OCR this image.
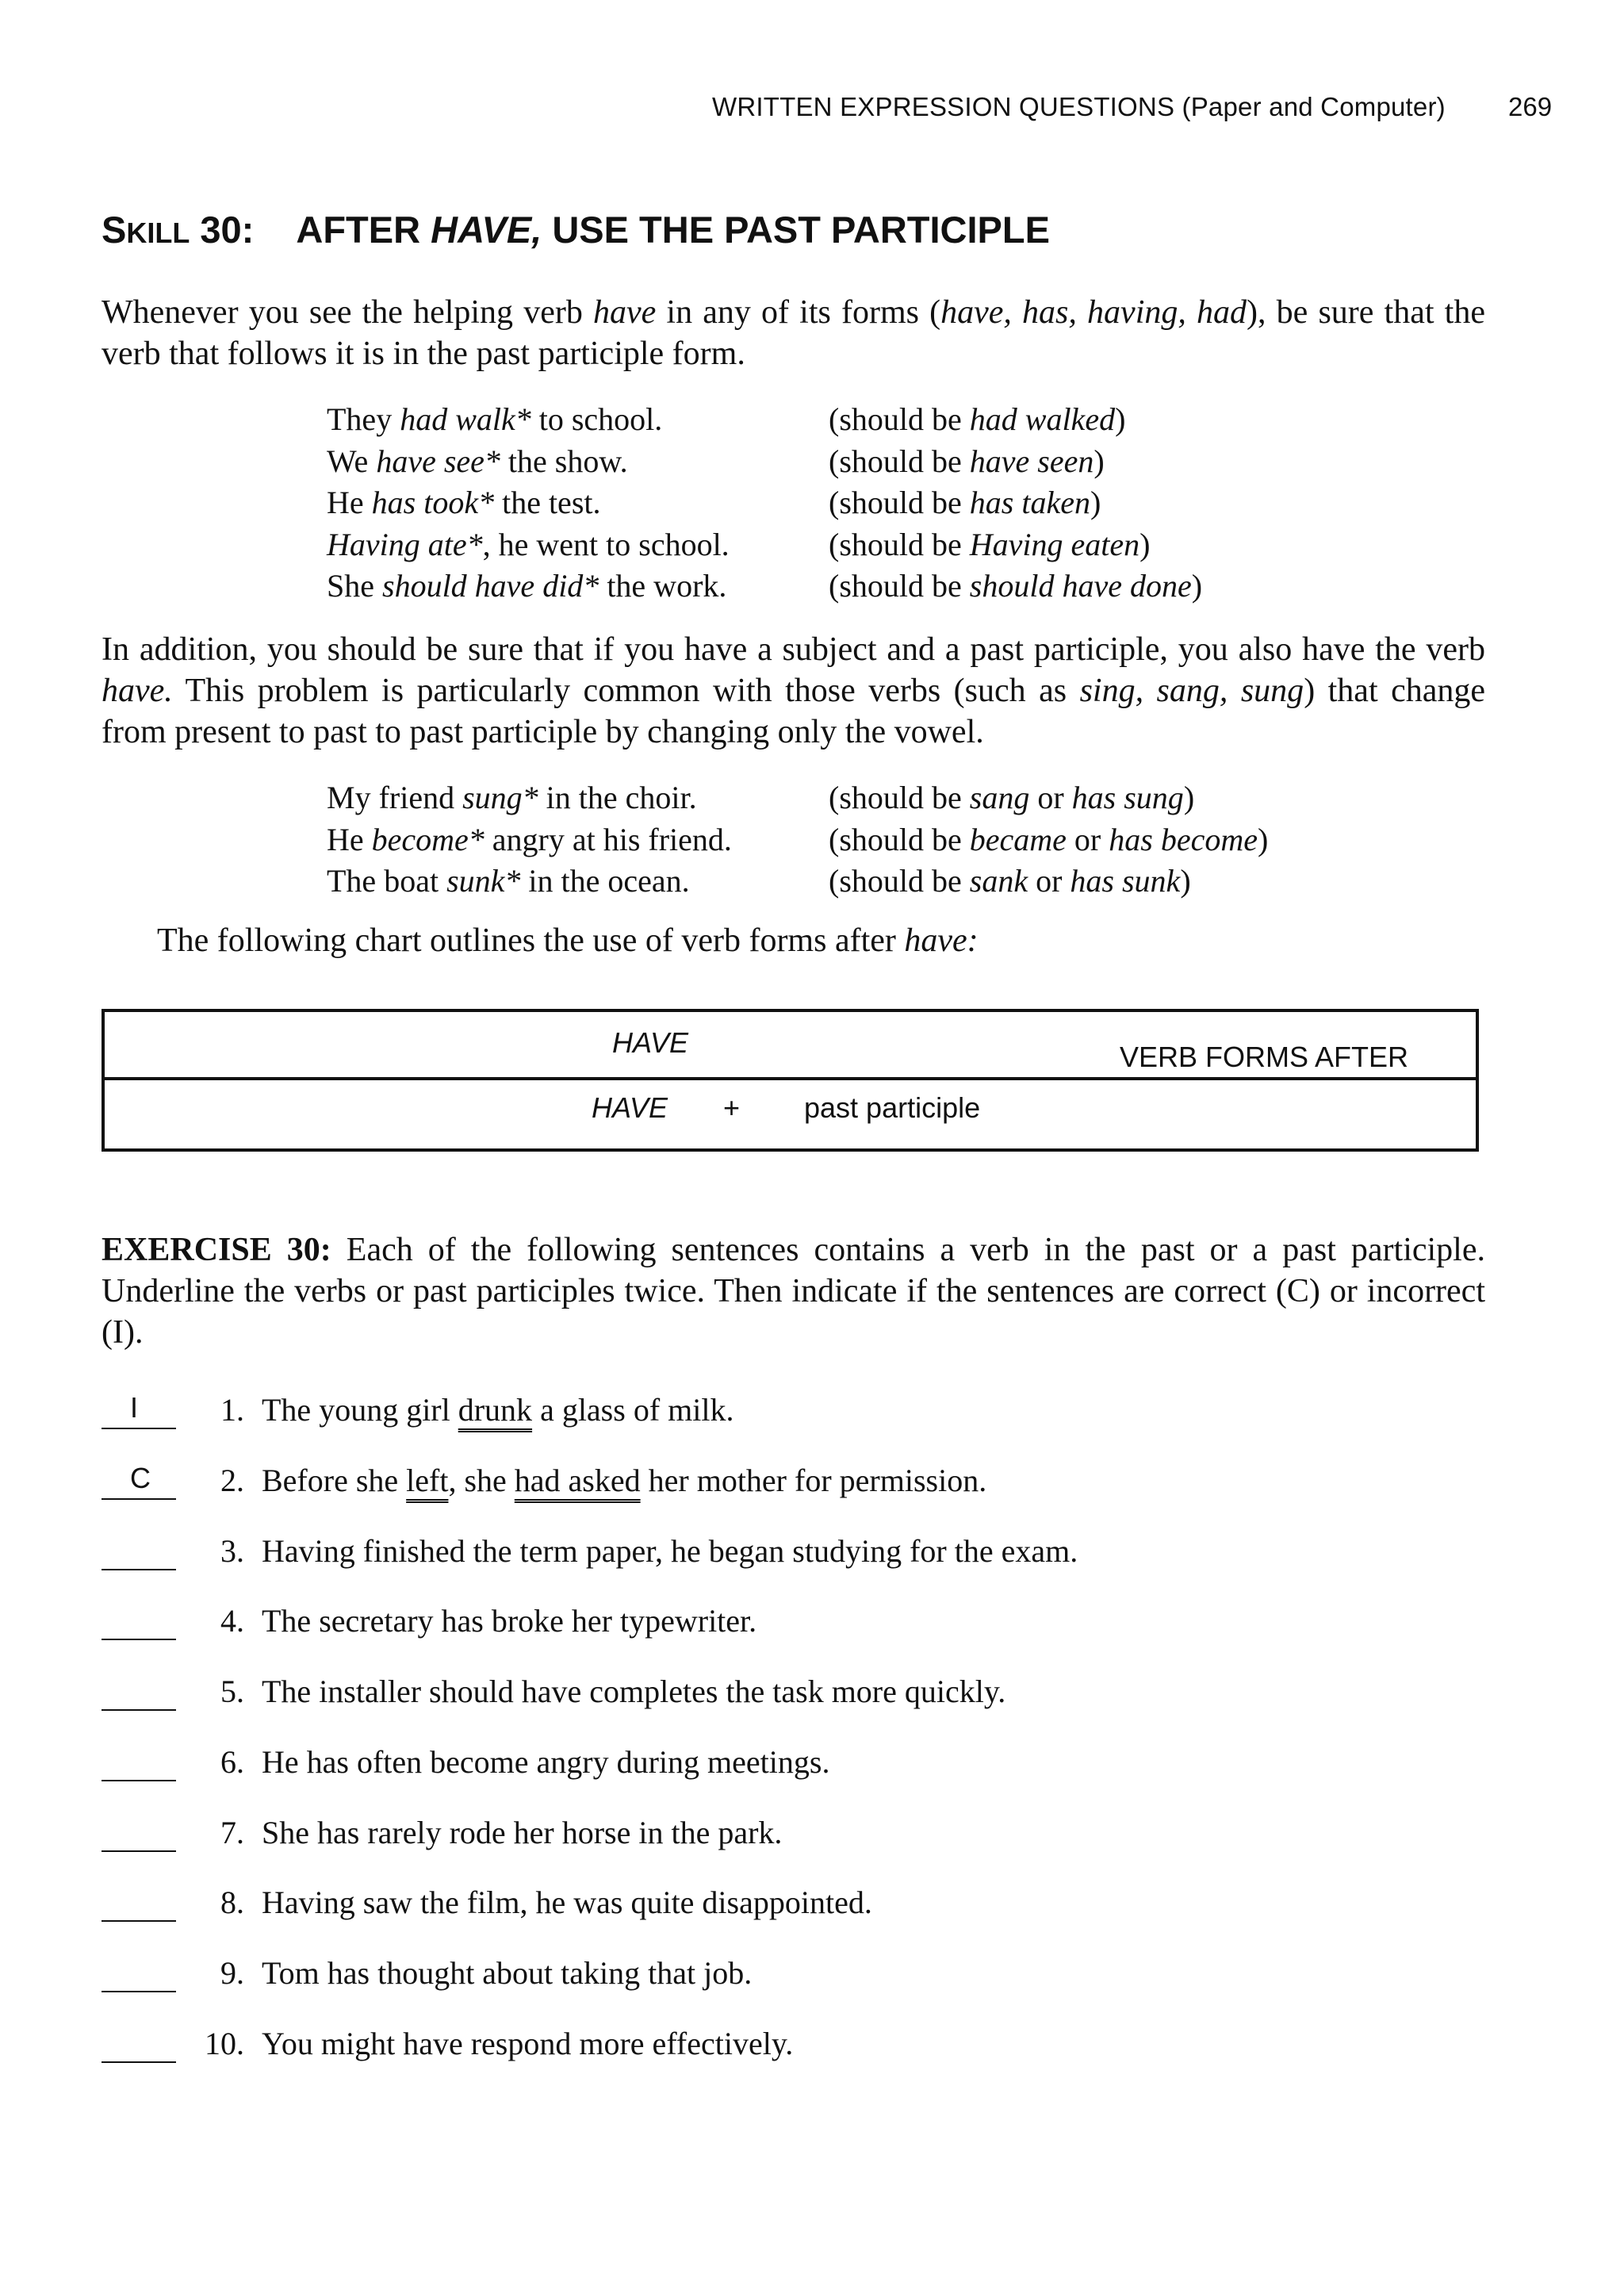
WRITTEN EXPRESSION QUESTIONS (Paper and Computer) 269
SKILL 30: AFTER HAVE, USE THE PAST PARTICIPLE
Whenever you see the helping verb have in any of its forms (have, has, having, had), be sure that the verb that follows it is in the past participle form.
They had walk* to school.	(should be had walked)
We have see* the show.	(should be have seen)
He has took* the test.	(should be has taken)
Having ate*, he went to school.	(should be Having eaten)
She should have did* the work.	(should be should have done)
In addition, you should be sure that if you have a subject and a past participle, you also have the verb have. This problem is particularly common with those verbs (such as sing, sang, sung) that change from present to past to past participle by changing only the vowel.
My friend sung* in the choir.	(should be sang or has sung)
He become* angry at his friend.	(should be became or has become)
The boat sunk* in the ocean.	(should be sank or has sunk)
The following chart outlines the use of verb forms after have:
VERB FORMS AFTER
HAVE
HAVE + past participle
EXERCISE 30: Each of the following sentences contains a verb in the past or a past participle. Underline the verbs or past participles twice. Then indicate if the sentences are correct (C) or incorrect (I).
I	1. The young girl drunk a glass of milk.
C	2. Before she left, she had asked her mother for permission.
3. Having finished the term paper, he began studying for the exam.
4. The secretary has broke her typewriter.
5. The installer should have completes the task more quickly.
6. He has often become angry during meetings.
7. She has rarely rode her horse in the park.
8. Having saw the film, he was quite disappointed.
9. Tom has thought about taking that job.
10. You might have respond more effectively.
